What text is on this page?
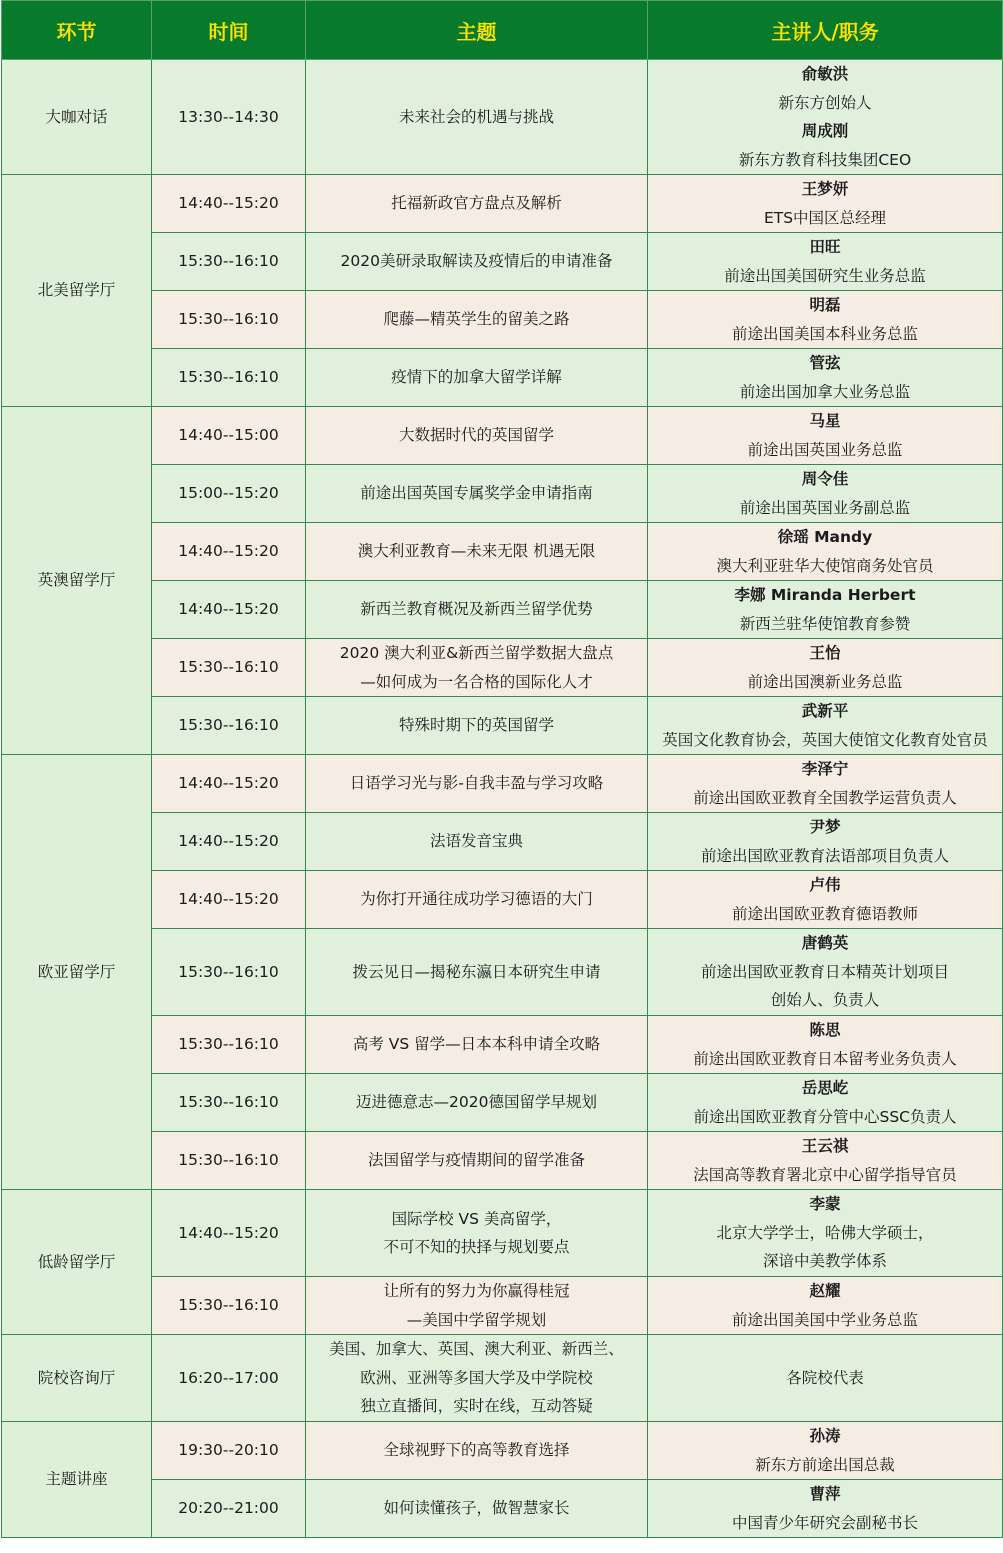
环节	时间	主题	主讲人/职务
大咖对话	13:30--14:30	未来社会的机遇与挑战	俞敏洪
新东方创始人
周成刚
新东方教育科技集团CEO

北美留学厅	14:40--15:20	托福新政官方盘点及解析	王梦妍
ETS中国区总经理

	15:30--16:10	2020美研录取解读及疫情后的申请准备	田旺
前途出国美国研究生业务总监

	15:30--16:10	爬藤—精英学生的留美之路	明磊
前途出国美国本科业务总监

	15:30--16:10	疫情下的加拿大留学详解	管弦
前途出国加拿大业务总监

英澳留学厅	14:40--15:00	大数据时代的英国留学	马星
前途出国英国业务总监

	15:00--15:20	前途出国英国专属奖学金申请指南	周令佳
前途出国英国业务副总监

	14:40--15:20	澳大利亚教育—未来无限 机遇无限	徐瑶 Mandy
澳大利亚驻华大使馆商务处官员

	14:40--15:20	新西兰教育概况及新西兰留学优势	李娜 Miranda Herbert
新西兰驻华使馆教育参赞

	15:30--16:10	2020 澳大利亚&新西兰留学数据大盘点
—如何成为一名合格的国际化人才	王怡
前途出国澳新业务总监

	15:30--16:10	特殊时期下的英国留学	武新平
英国文化教育协会，英国大使馆文化教育处官员

欧亚留学厅	14:40--15:20	日语学习光与影-自我丰盈与学习攻略	李泽宁
前途出国欧亚教育全国教学运营负责人

	14:40--15:20	法语发音宝典	尹梦
前途出国欧亚教育法语部项目负责人

	14:40--15:20	为你打开通往成功学习德语的大门	卢伟
前途出国欧亚教育德语教师

	15:30--16:10	拨云见日—揭秘东瀛日本研究生申请	唐鹤英
前途出国欧亚教育日本精英计划项目
创始人、负责人

	15:30--16:10	高考 VS 留学—日本本科申请全攻略	陈思
前途出国欧亚教育日本留考业务负责人

	15:30--16:10	迈进德意志—2020德国留学早规划	岳思屹
前途出国欧亚教育分管中心SSC负责人

	15:30--16:10	法国留学与疫情期间的留学准备	王云祺
法国高等教育署北京中心留学指导官员

低龄留学厅	14:40--15:20	国际学校 VS 美高留学，
不可不知的抉择与规划要点	李蒙
北京大学学士，哈佛大学硕士，
深谙中美教学体系

	15:30--16:10	让所有的努力为你赢得桂冠
—美国中学留学规划	赵耀
前途出国美国中学业务总监

院校咨询厅	16:20--17:00	美国、加拿大、英国、澳大利亚、新西兰、
欧洲、亚洲等多国大学及中学院校
独立直播间，实时在线，互动答疑	各院校代表

主题讲座	19:30--20:10	全球视野下的高等教育选择	孙涛
新东方前途出国总裁

	20:20--21:00	如何读懂孩子，做智慧家长	曹萍
中国青少年研究会副秘书长
